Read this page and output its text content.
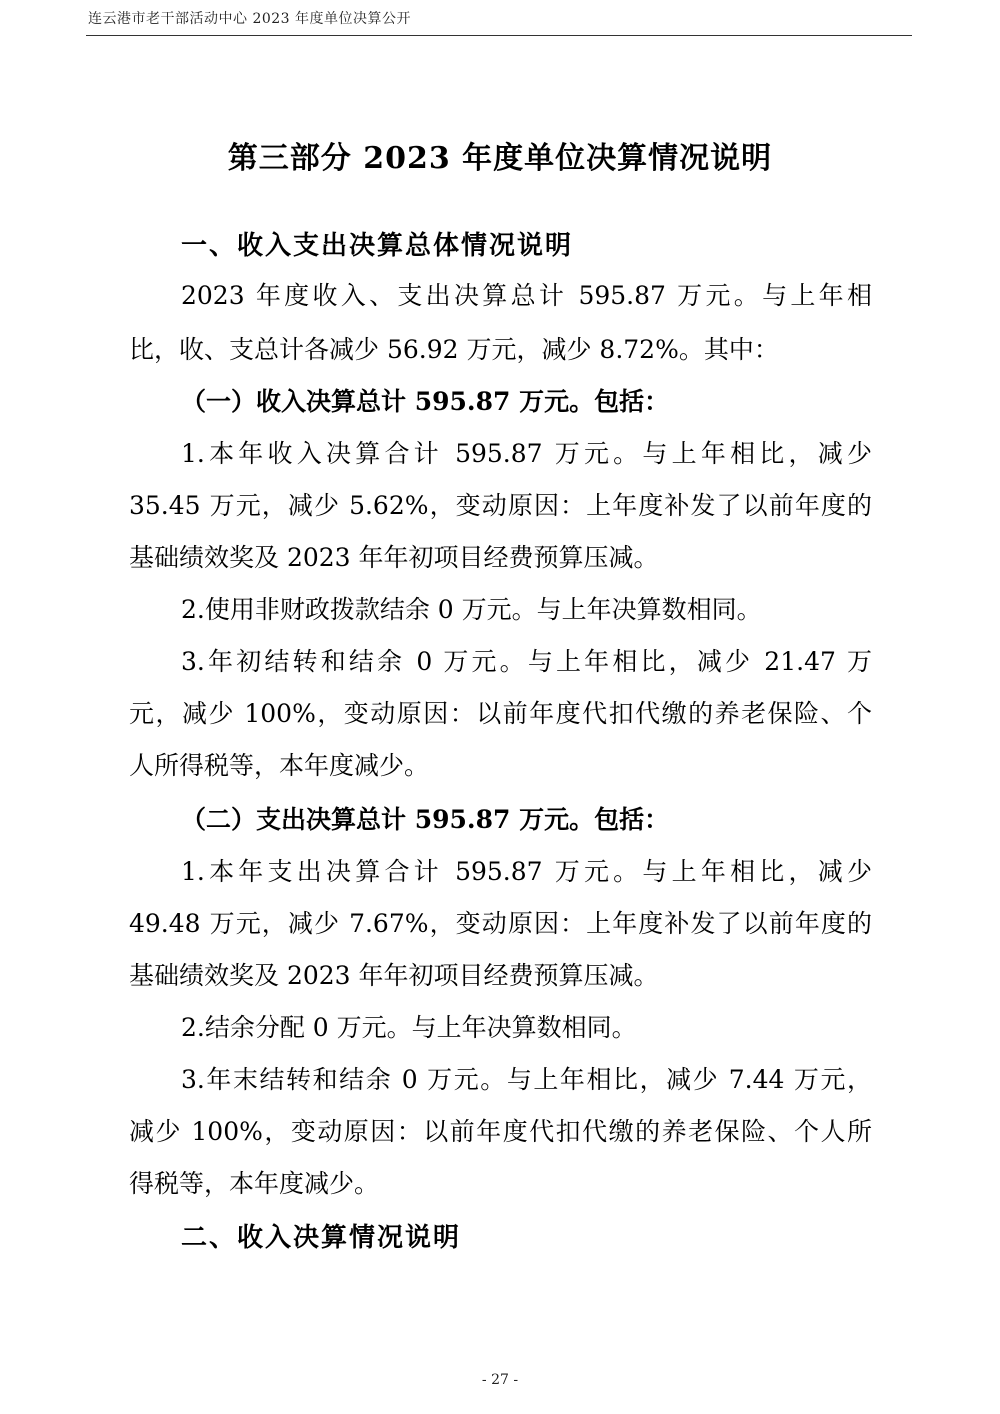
连云港市老干部活动中心 2023 年度单位决算公开
第三部分 2023 年度单位决算情况说明
一、收入支出决算总体情况说明
2023 年度收入、支出决算总计 595.87 万元。与上年相
比，收、支总计各减少 56.92 万元，减少 8.72%。其中：
（一）收入决算总计 595.87 万元。包括：
1.本年收入决算合计 595.87 万元。与上年相比，减少
35.45 万元，减少 5.62%，变动原因：上年度补发了以前年度的
基础绩效奖及 2023 年年初项目经费预算压减。
2.使用非财政拨款结余 0 万元。与上年决算数相同。
3.年初结转和结余 0 万元。与上年相比，减少 21.47 万
元，减少 100%，变动原因：以前年度代扣代缴的养老保险、个
人所得税等，本年度减少。
（二）支出决算总计 595.87 万元。包括：
1.本年支出决算合计 595.87 万元。与上年相比，减少
49.48 万元，减少 7.67%，变动原因：上年度补发了以前年度的
基础绩效奖及 2023 年年初项目经费预算压减。
2.结余分配 0 万元。与上年决算数相同。
3.年末结转和结余 0 万元。与上年相比，减少 7.44 万元，
减少 100%，变动原因：以前年度代扣代缴的养老保险、个人所
得税等，本年度减少。
二、收入决算情况说明
- 27 -
